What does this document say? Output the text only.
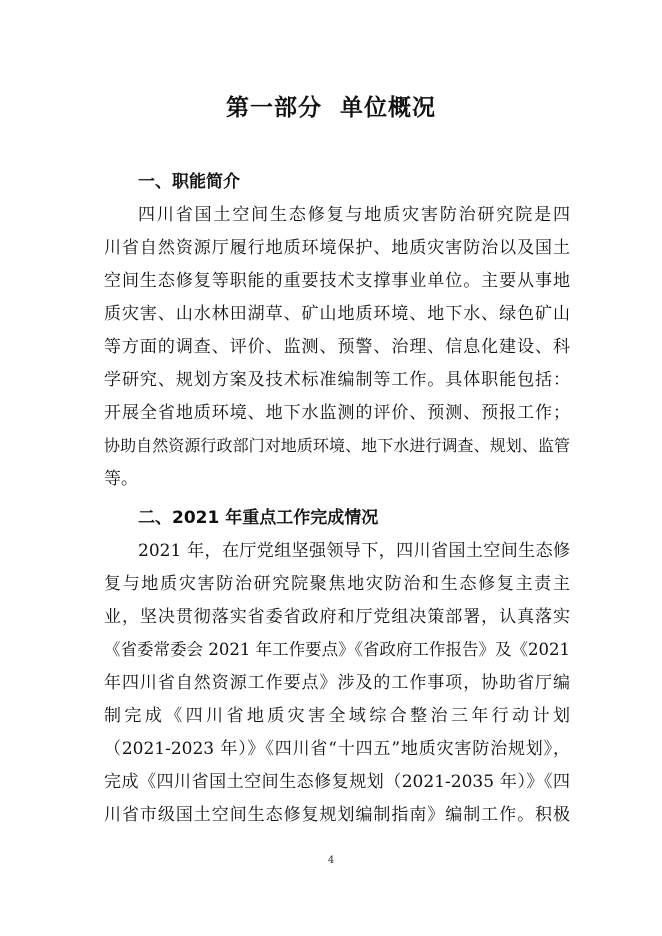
第一部分  单位概况
一、职能简介
四川省国土空间生态修复与地质灾害防治研究院是四
川省自然资源厅履行地质环境保护、地质灾害防治以及国土
空间生态修复等职能的重要技术支撑事业单位。主要从事地
质灾害、山水林田湖草、矿山地质环境、地下水、绿色矿山
等方面的调查、评价、监测、预警、治理、信息化建设、科
学研究、规划方案及技术标准编制等工作。具体职能包括：
开展全省地质环境、地下水监测的评价、预测、预报工作；
协助自然资源行政部门对地质环境、地下水进行调查、规划、监管
等。
二、2021 年重点工作完成情况
2021 年，在厅党组坚强领导下，四川省国土空间生态修
复与地质灾害防治研究院聚焦地灾防治和生态修复主责主
业，坚决贯彻落实省委省政府和厅党组决策部署，认真落实
《省委常委会 2021 年工作要点》《省政府工作报告》及《2021
年四川省自然资源工作要点》涉及的工作事项，协助省厅编
制完成《四川省地质灾害全域综合整治三年行动计划
（2021-2023 年）》《四川省“十四五”地质灾害防治规划》，
完成《四川省国土空间生态修复规划（2021-2035 年）》《四
川省市级国土空间生态修复规划编制指南》编制工作。积极
4
